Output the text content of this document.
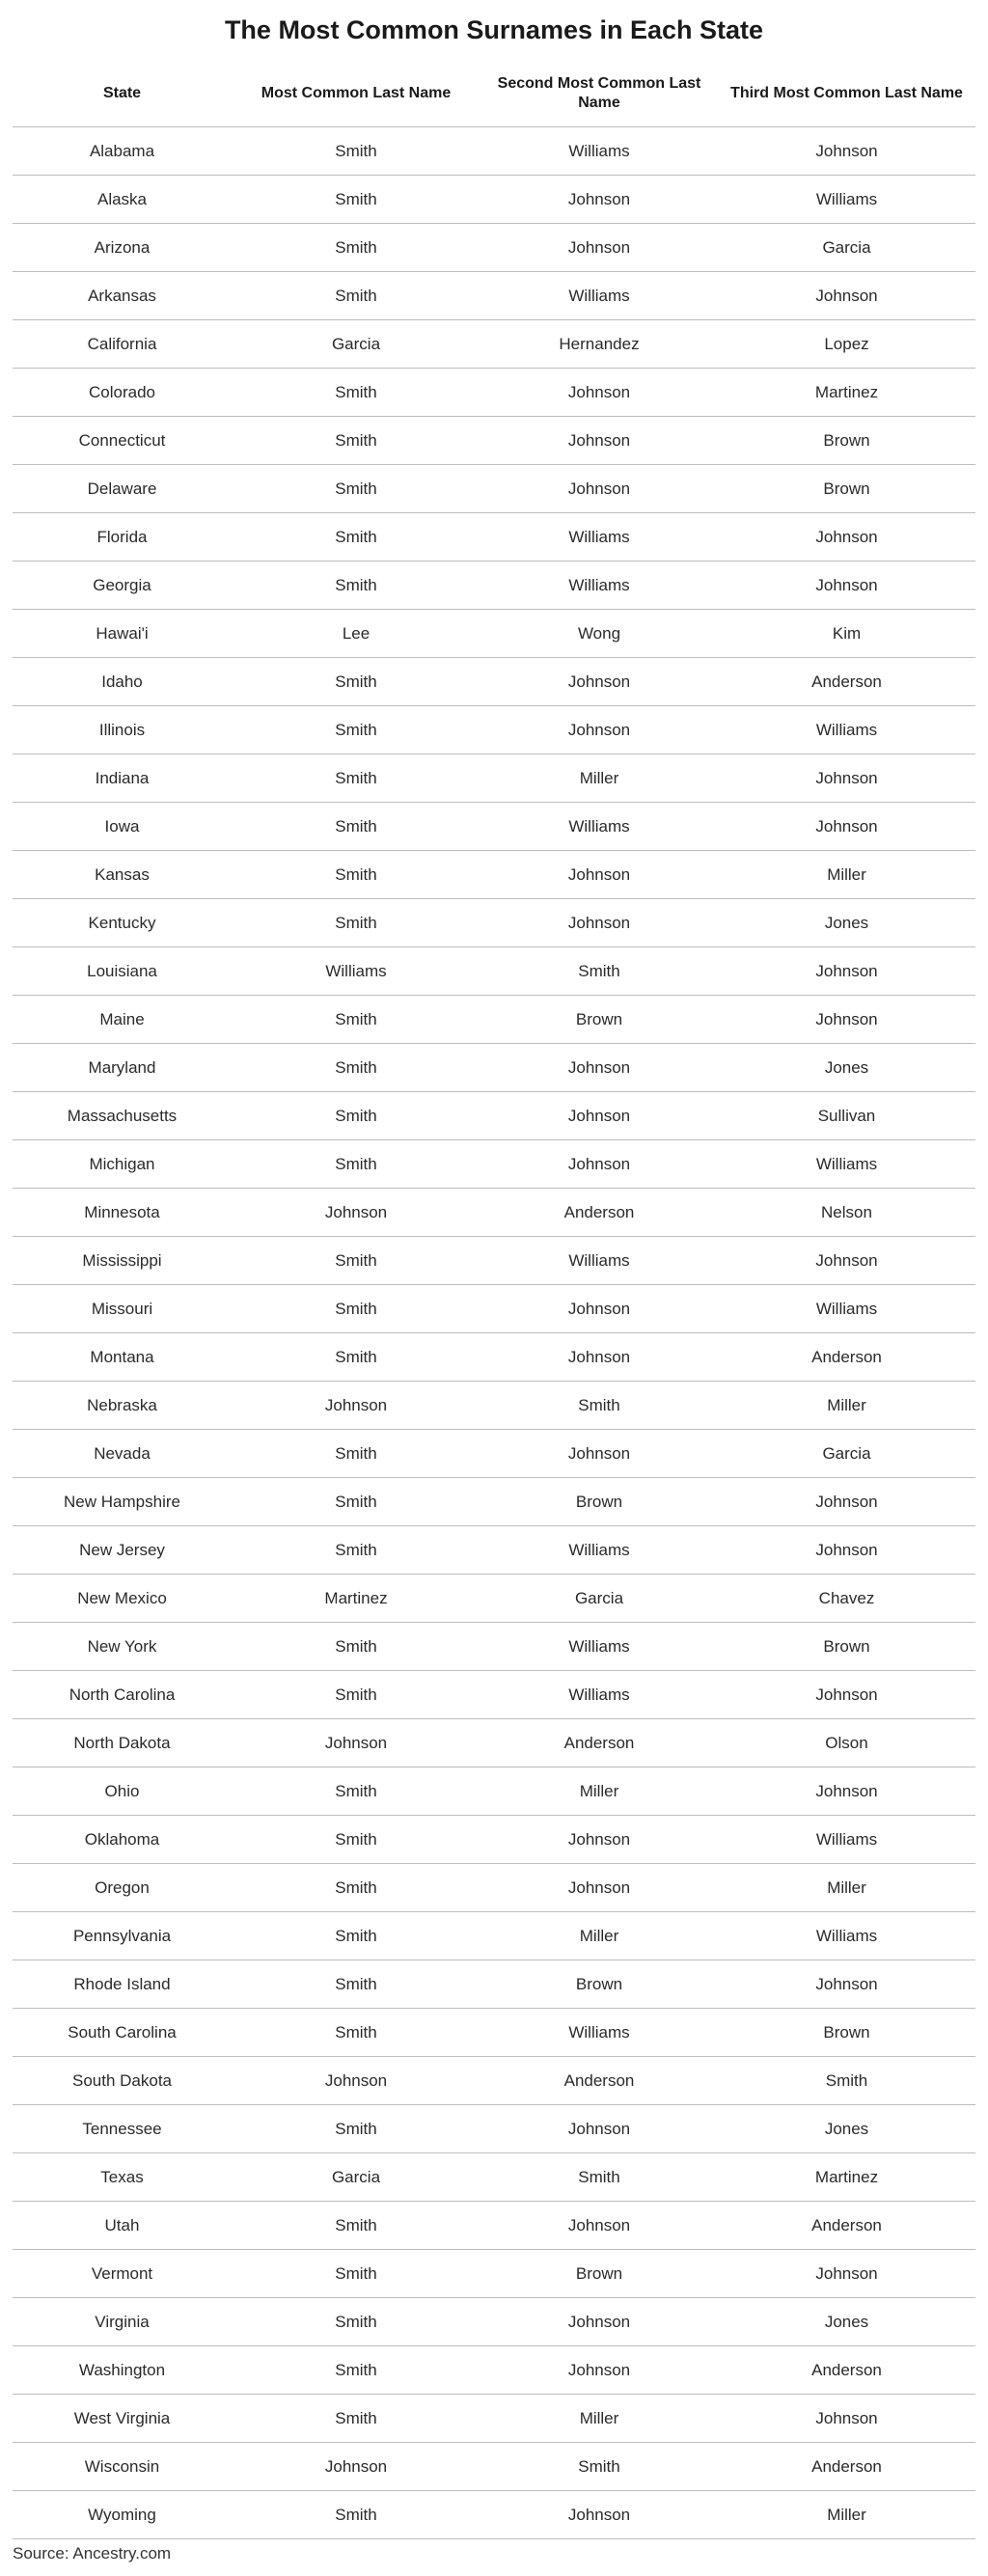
The Most Common Surnames in Each State
State	Most Common Last Name	Second Most Common Last Name	Third Most Common Last Name
Alabama	Smith	Williams	Johnson
Alaska	Smith	Johnson	Williams
Arizona	Smith	Johnson	Garcia
Arkansas	Smith	Williams	Johnson
California	Garcia	Hernandez	Lopez
Colorado	Smith	Johnson	Martinez
Connecticut	Smith	Johnson	Brown
Delaware	Smith	Johnson	Brown
Florida	Smith	Williams	Johnson
Georgia	Smith	Williams	Johnson
Hawai'i	Lee	Wong	Kim
Idaho	Smith	Johnson	Anderson
Illinois	Smith	Johnson	Williams
Indiana	Smith	Miller	Johnson
Iowa	Smith	Williams	Johnson
Kansas	Smith	Johnson	Miller
Kentucky	Smith	Johnson	Jones
Louisiana	Williams	Smith	Johnson
Maine	Smith	Brown	Johnson
Maryland	Smith	Johnson	Jones
Massachusetts	Smith	Johnson	Sullivan
Michigan	Smith	Johnson	Williams
Minnesota	Johnson	Anderson	Nelson
Mississippi	Smith	Williams	Johnson
Missouri	Smith	Johnson	Williams
Montana	Smith	Johnson	Anderson
Nebraska	Johnson	Smith	Miller
Nevada	Smith	Johnson	Garcia
New Hampshire	Smith	Brown	Johnson
New Jersey	Smith	Williams	Johnson
New Mexico	Martinez	Garcia	Chavez
New York	Smith	Williams	Brown
North Carolina	Smith	Williams	Johnson
North Dakota	Johnson	Anderson	Olson
Ohio	Smith	Miller	Johnson
Oklahoma	Smith	Johnson	Williams
Oregon	Smith	Johnson	Miller
Pennsylvania	Smith	Miller	Williams
Rhode Island	Smith	Brown	Johnson
South Carolina	Smith	Williams	Brown
South Dakota	Johnson	Anderson	Smith
Tennessee	Smith	Johnson	Jones
Texas	Garcia	Smith	Martinez
Utah	Smith	Johnson	Anderson
Vermont	Smith	Brown	Johnson
Virginia	Smith	Johnson	Jones
Washington	Smith	Johnson	Anderson
West Virginia	Smith	Miller	Johnson
Wisconsin	Johnson	Smith	Anderson
Wyoming	Smith	Johnson	Miller
Source: Ancestry.com
